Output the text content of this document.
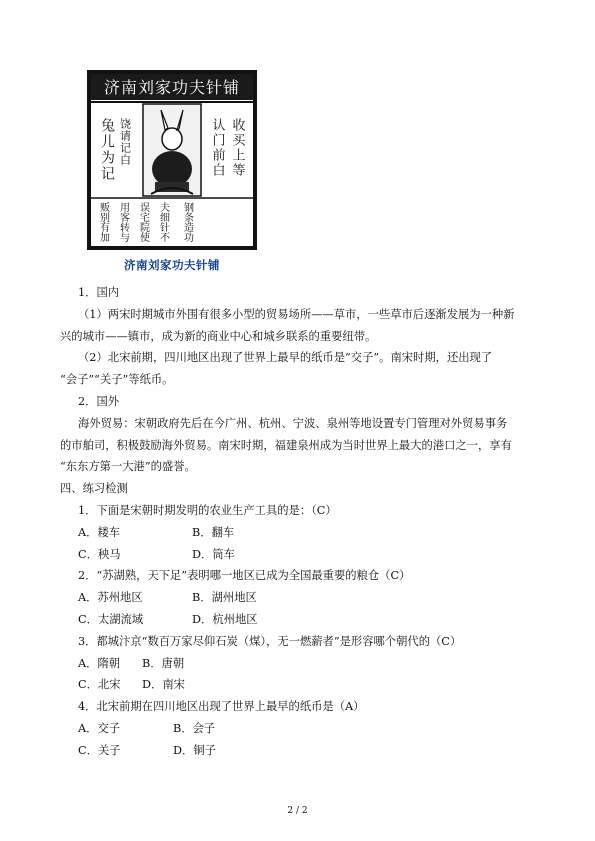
济南刘家功夫针铺
兔儿为记 饶请记白	认门前白 收买上等
贩别有加 用客转与 误宅院使 夫细针不 钢条造功
济南刘家功夫针铺
1．国内
（1）两宋时期城市外围有很多小型的贸易场所——草市，一些草市后逐渐发展为一种新
兴的城市——镇市，成为新的商业中心和城乡联系的重要纽带。
（2）北宋前期，四川地区出现了世界上最早的纸币是“交子”。南宋时期，还出现了
“会子”“关子”等纸币。
2．国外
海外贸易：宋朝政府先后在今广州、杭州、宁波、泉州等地设置专门管理对外贸易事务
的市舶司，积极鼓励海外贸易。南宋时期，福建泉州成为当时世界上最大的港口之一，享有
“东东方第一大港”的盛誉。
四、练习检测
1．下面是宋朝时期发明的农业生产工具的是：（C）
A．耧车	B．翻车
C．秧马	D．筒车
2．“苏湖熟，天下足”表明哪一地区已成为全国最重要的粮仓（C）
A．苏州地区	B．湖州地区
C．太湖流域	D．杭州地区
3．都城汴京“数百万家尽仰石炭（煤），无一燃薪者”是形容哪个朝代的（C）
A．隋朝	B．唐朝
C．北宋	D．南宋
4．北宋前期在四川地区出现了世界上最早的纸币是（A）
A．交子	B．会子
C．关子	D．铜子
2 / 2
